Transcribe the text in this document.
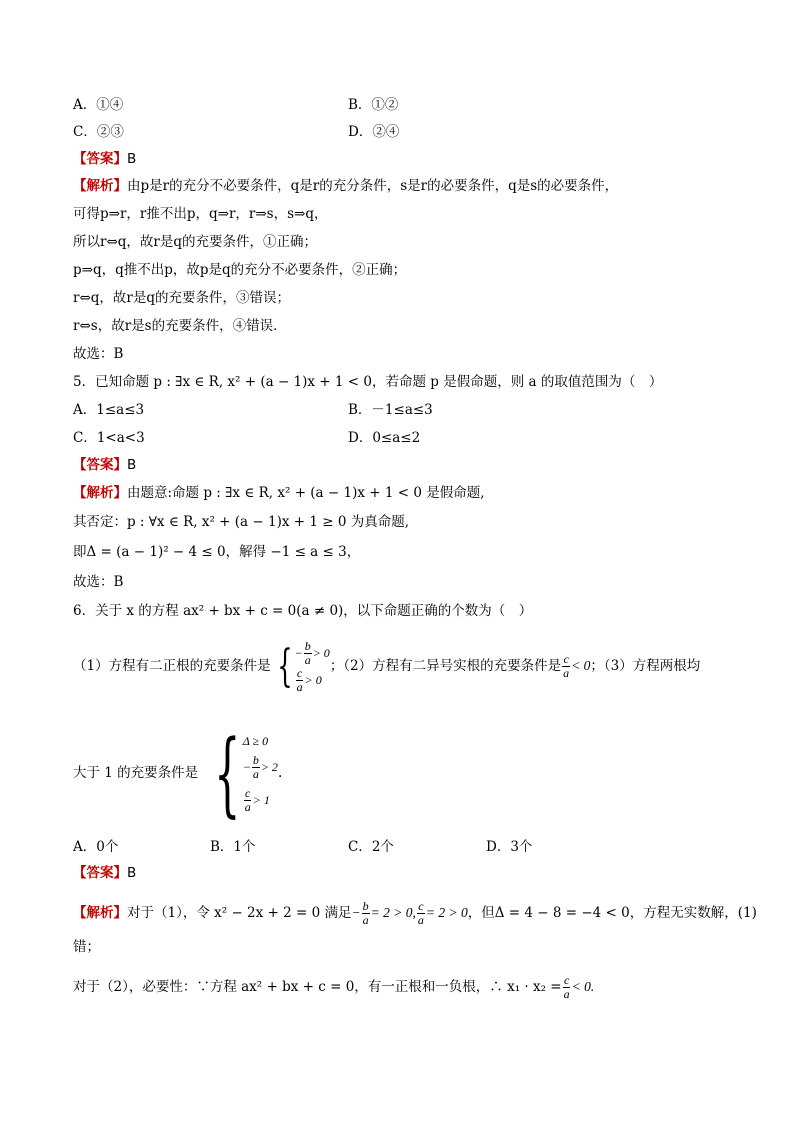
A．①④	B．①②
C．②③	D．②④
【答案】B
【解析】由p是r的充分不必要条件，q是r的充分条件，s是r的必要条件，q是s的必要条件，
可得p⇒r，r推不出p，q⇒r，r⇒s，s⇒q，
所以r⇔q，故r是q的充要条件，①正确；
p⇒q，q推不出p，故p是q的充分不必要条件，②正确；
r⇔q，故r是q的充要条件，③错误；
r⇔s，故r是s的充要条件，④错误．
故选：B
5．已知命题 p : ∃x ∈ R, x² + (a − 1)x + 1 < 0，若命题 p 是假命题，则 a 的取值范围为（　）
A．1≤a≤3	B．－1≤a≤3
C．1<a<3	D．0≤a≤2
【答案】B
【解析】由题意:命题 p : ∃x ∈ R, x² + (a − 1)x + 1 < 0 是假命题,
其否定：p : ∀x ∈ R, x² + (a − 1)x + 1 ≥ 0 为真命题,
即Δ = (a − 1)² − 4 ≤ 0，解得 −1 ≤ a ≤ 3，
故选：B
6．关于 x 的方程 ax² + bx + c = 0(a ≠ 0)，以下命题正确的个数为（　）
（1）方程有二正根的充要条件是 { − $\frac{b}{a} > 0$
$\frac{c}{a} > 0$
；（2）方程有二异号实根的充要条件是 $\frac{c}{a} < 0$；（3）方程两根均
大于 1 的充要条件是 { Δ ≥ 0
− $\frac{b}{a} > 2$
$\frac{c}{a} > 1$
.
A．0个	B．1个	C．2个	D．3个
【答案】B
【解析】对于（1），令 x² − 2x + 2 = 0 满足− $\frac{b}{a} = 2 > 0$, $\frac{c}{a} = 2 > 0$，但Δ = 4 − 8 = −4 < 0，方程无实数解，(1)
错；
对于（2），必要性：∵方程 ax² + bx + c = 0，有一正根和一负根，∴ $x_1 \cdot x_2 = \frac{c}{a} < 0$.
